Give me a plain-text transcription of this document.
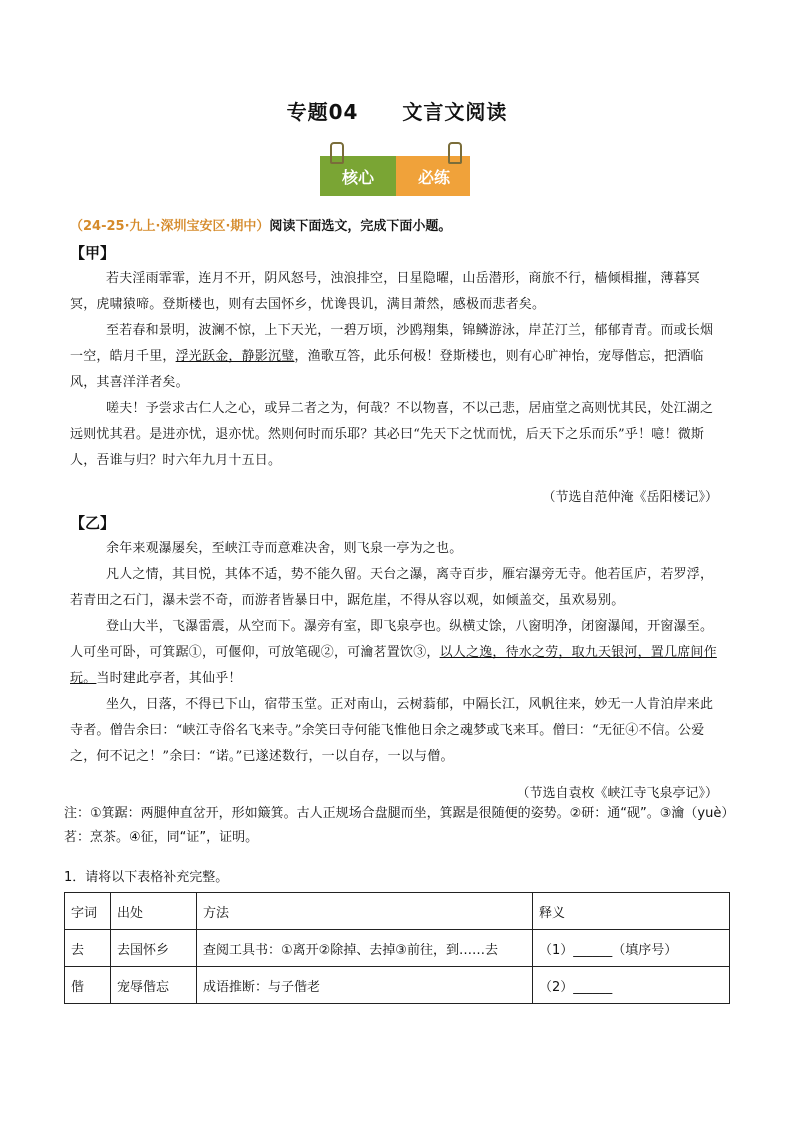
专题04 文言文阅读
核心	必练
（24-25·九上·深圳宝安区·期中）阅读下面选文，完成下面小题。
【甲】

若夫淫雨霏霏，连月不开，阴风怒号，浊浪排空，日星隐曜，山岳潜形，商旅不行，樯倾楫摧，薄暮冥冥，虎啸猿啼。登斯楼也，则有去国怀乡，忧谗畏讥，满目萧然，感极而悲者矣。

至若春和景明，波澜不惊，上下天光，一碧万顷，沙鸥翔集，锦鳞游泳，岸芷汀兰，郁郁青青。而或长烟一空，皓月千里，浮光跃金，静影沉璧，渔歌互答，此乐何极！登斯楼也，则有心旷神怡，宠辱偕忘，把酒临风，其喜洋洋者矣。

嗟夫！予尝求古仁人之心，或异二者之为，何哉？不以物喜，不以己悲，居庙堂之高则忧其民，处江湖之远则忧其君。是进亦忧，退亦忧。然则何时而乐耶？其必曰“先天下之忧而忧，后天下之乐而乐”乎！噫！微斯人，吾谁与归？时六年九月十五日。

（节选自范仲淹《岳阳楼记》）
【乙】

余年来观瀑屡矣，至峡江寺而意难决舍，则飞泉一亭为之也。

凡人之情，其目悦，其体不适，势不能久留。天台之瀑，离寺百步，雁宕瀑旁无寺。他若匡庐，若罗浮，若青田之石门，瀑未尝不奇，而游者皆暴日中，踞危崖，不得从容以观，如倾盖交，虽欢易别。

登山大半，飞瀑雷震，从空而下。瀑旁有室，即飞泉亭也。纵横丈馀，八窗明净，闭窗瀑闻，开窗瀑至。人可坐可卧，可箕踞①，可偃仰，可放笔砚②，可瀹茗置饮③，以人之逸，待水之劳，取九天银河，置几席间作玩。当时建此亭者，其仙乎！

坐久，日落，不得已下山，宿带玉堂。正对南山，云树蓊郁，中隔长江，风帆往来，妙无一人肯泊岸来此寺者。僧告余曰：“峡江寺俗名飞来寺。”余笑曰寺何能飞惟他日余之魂梦或飞来耳。僧曰：“无征④不信。公爱之，何不记之！”余曰：“诺。”已遂述数行，一以自存，一以与僧。

（节选自袁枚《峡江寺飞泉亭记》）
注：①箕踞：两腿伸直岔开，形如簸箕。古人正规场合盘腿而坐，箕踞是很随便的姿势。②研：通“砚”。③瀹（yuè）茗：烹茶。④征，同“证”，证明。
1．请将以下表格补充完整。
字词	出处	方法	释义
去	去国怀乡	查阅工具书：①离开②除掉、去掉③前往，到……去	（1）______（填序号）
偕	宠辱偕忘	成语推断：与子偕老	（2）______
